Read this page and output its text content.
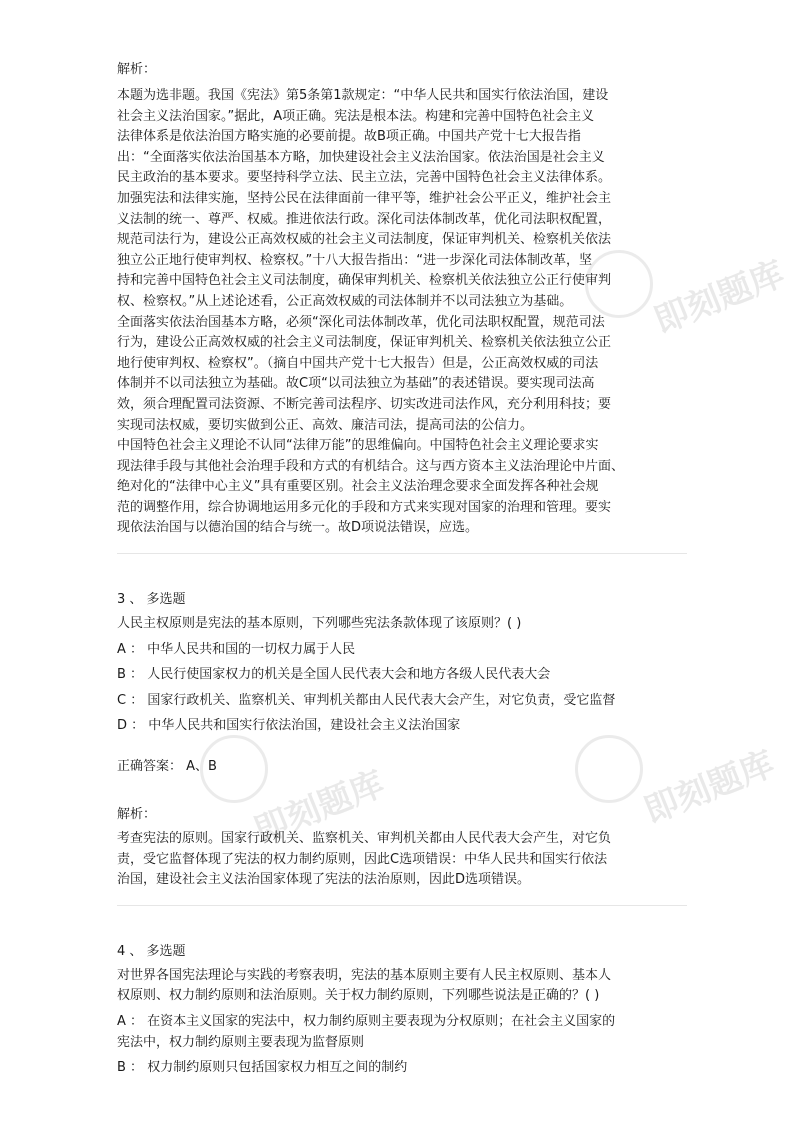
即刻题库
即刻题库	即刻题库
解析：
本题为选非题。我国《宪法》第5条第1款规定：“中华人民共和国实行依法治国，建设
社会主义法治国家。”据此，A项正确。宪法是根本法。构建和完善中国特色社会主义
法律体系是依法治国方略实施的必要前提。故B项正确。中国共产党十七大报告指
出：“全面落实依法治国基本方略，加快建设社会主义法治国家。依法治国是社会主义
民主政治的基本要求。要坚持科学立法、民主立法，完善中国特色社会主义法律体系。
加强宪法和法律实施，坚持公民在法律面前一律平等，维护社会公平正义，维护社会主
义法制的统一、尊严、权威。推进依法行政。深化司法体制改革，优化司法职权配置，
规范司法行为，建设公正高效权威的社会主义司法制度，保证审判机关、检察机关依法
独立公正地行使审判权、检察权。”十八大报告指出：“进一步深化司法体制改革，坚
持和完善中国特色社会主义司法制度，确保审判机关、检察机关依法独立公正行使审判
权、检察权。”从上述论述看，公正高效权威的司法体制并不以司法独立为基础。
全面落实依法治国基本方略，必须“深化司法体制改革，优化司法职权配置，规范司法
行为，建设公正高效权威的社会主义司法制度，保证审判机关、检察机关依法独立公正
地行使审判权、检察权”。（摘自中国共产党十七大报告）但是，公正高效权威的司法
体制并不以司法独立为基础。故C项“以司法独立为基础”的表述错误。要实现司法高
效，须合理配置司法资源、不断完善司法程序、切实改进司法作风，充分利用科技；要
实现司法权威，要切实做到公正、高效、廉洁司法，提高司法的公信力。
中国特色社会主义理论不认同“法律万能”的思维偏向。中国特色社会主义理论要求实
现法律手段与其他社会治理手段和方式的有机结合。这与西方资本主义法治理论中片面、
绝对化的“法律中心主义”具有重要区别。社会主义法治理念要求全面发挥各种社会规
范的调整作用，综合协调地运用多元化的手段和方式来实现对国家的治理和管理。要实
现依法治国与以德治国的结合与统一。故D项说法错误，应选。
3 、 多选题
人民主权原则是宪法的基本原则，下列哪些宪法条款体现了该原则？( )
A ： 中华人民共和国的一切权力属于人民
B ： 人民行使国家权力的机关是全国人民代表大会和地方各级人民代表大会
C ： 国家行政机关、监察机关、审判机关都由人民代表大会产生，对它负责，受它监督
D ： 中华人民共和国实行依法治国，建设社会主义法治国家
正确答案： A、B
解析：
考查宪法的原则。国家行政机关、监察机关、审判机关都由人民代表大会产生，对它负
责，受它监督体现了宪法的权力制约原则，因此C选项错误：中华人民共和国实行依法
治国，建设社会主义法治国家体现了宪法的法治原则，因此D选项错误。
4 、 多选题
对世界各国宪法理论与实践的考察表明，宪法的基本原则主要有人民主权原则、基本人
权原则、权力制约原则和法治原则。关于权力制约原则，下列哪些说法是正确的？( )
A ： 在资本主义国家的宪法中，权力制约原则主要表现为分权原则；在社会主义国家的
宪法中，权力制约原则主要表现为监督原则
B ： 权力制约原则只包括国家权力相互之间的制约
